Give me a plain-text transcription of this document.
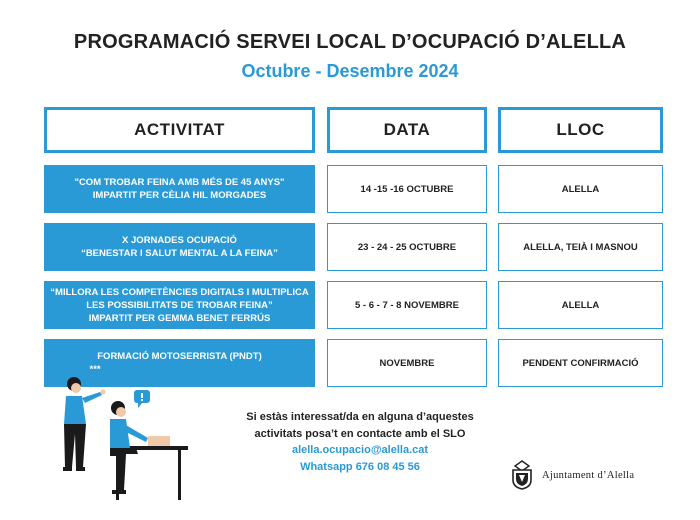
PROGRAMACIÓ SERVEI LOCAL D’OCUPACIÓ D’ALELLA
Octubre - Desembre 2024
ACTIVITAT	DATA	LLOC
"COM TROBAR FEINA AMB MÉS DE 45 ANYS"
IMPARTIT PER CÈLIA HIL MORGADES
14 -15 -16 OCTUBRE	ALELLA
X JORNADES OCUPACIÓ
“BENESTAR I SALUT MENTAL A LA FEINA”
23 - 24 - 25 OCTUBRE	ALELLA, TEIÀ I MASNOU
“MILLORA LES COMPETÈNCIES DIGITALS I MULTIPLICA
LES POSSIBILITATS DE TROBAR FEINA”
IMPARTIT PER GEMMA BENET FERRÚS
5 - 6 - 7 - 8 NOVEMBRE	ALELLA
FORMACIÓ MOTOSERRISTA (PNDT)
***
NOVEMBRE	PENDENT CONFIRMACIÓ
Si estàs interessat/da en alguna d’aquestes
activitats posa’t en contacte amb el SLO
alella.ocupacio@alella.cat
Whatsapp 676 08 45 56
Ajuntament d’Alella
